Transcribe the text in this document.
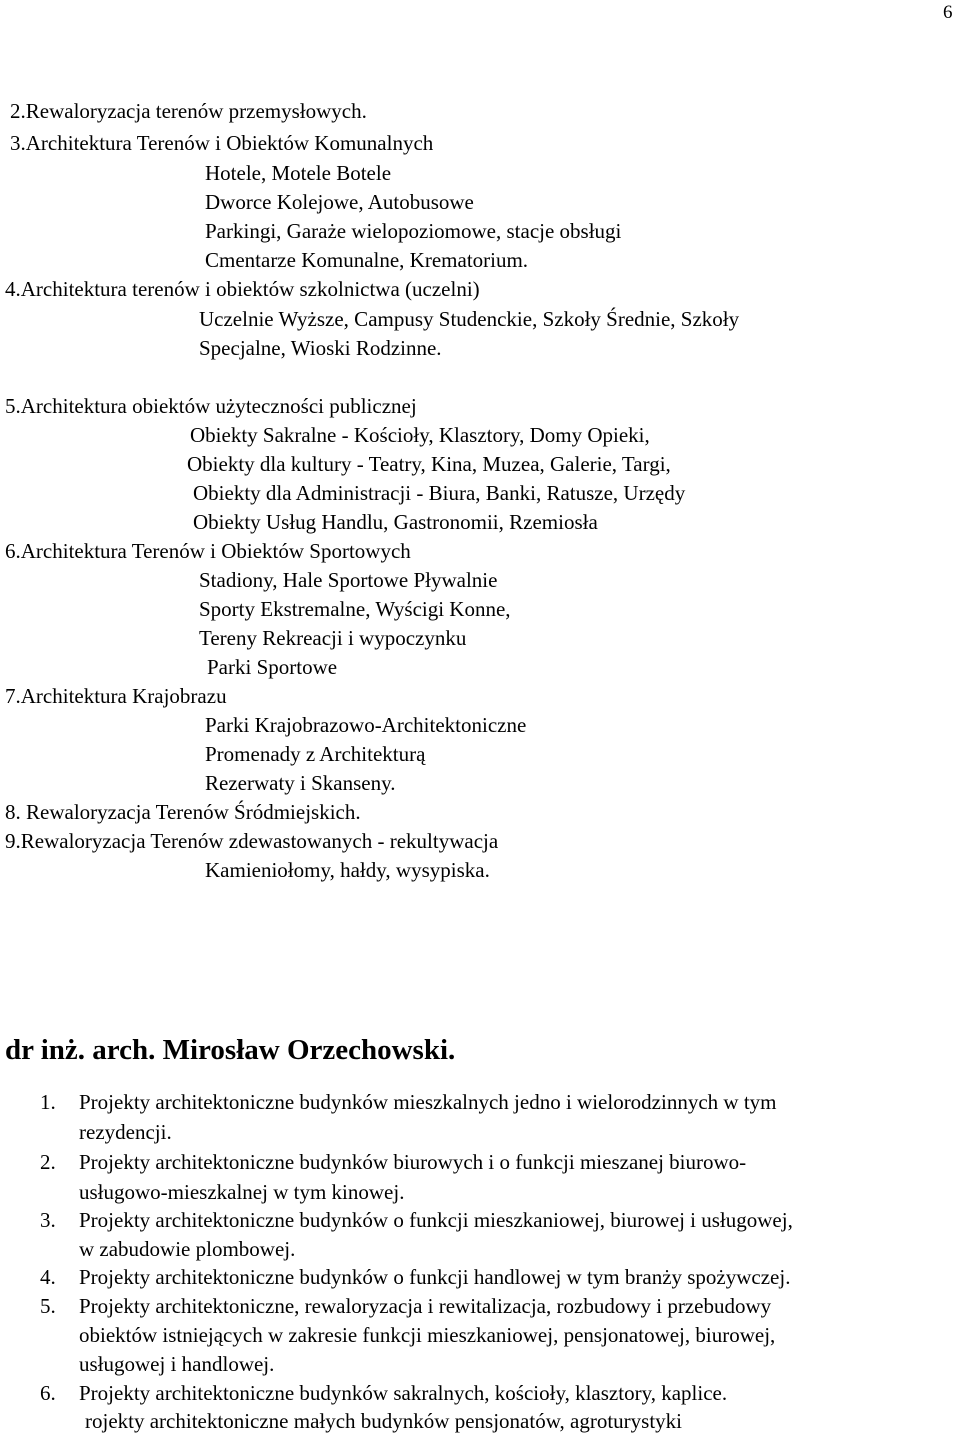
6
2.Rewaloryzacja terenów przemysłowych.
3.Architektura Terenów i Obiektów Komunalnych
Hotele, Motele Botele
Dworce Kolejowe, Autobusowe
Parkingi, Garaże wielopoziomowe, stacje obsługi
Cmentarze Komunalne, Krematorium.
4.Architektura terenów i obiektów szkolnictwa (uczelni)
Uczelnie Wyższe, Campusy Studenckie, Szkoły Średnie, Szkoły
Specjalne, Wioski Rodzinne.
5.Architektura obiektów użyteczności publicznej
Obiekty Sakralne - Kościoły, Klasztory, Domy Opieki,
Obiekty dla kultury - Teatry, Kina, Muzea, Galerie, Targi,
Obiekty dla Administracji - Biura, Banki, Ratusze, Urzędy
Obiekty Usług Handlu, Gastronomii, Rzemiosła
6.Architektura Terenów i Obiektów Sportowych
Stadiony, Hale Sportowe Pływalnie
Sporty Ekstremalne, Wyścigi Konne,
Tereny Rekreacji i wypoczynku
Parki Sportowe
7.Architektura Krajobrazu
Parki Krajobrazowo-Architektoniczne
Promenady z Architekturą
Rezerwaty i Skanseny.
8. Rewaloryzacja Terenów Śródmiejskich.
9.Rewaloryzacja Terenów zdewastowanych - rekultywacja
Kamieniołomy, hałdy, wysypiska.
dr inż. arch. Mirosław Orzechowski.
1. Projekty architektoniczne budynków mieszkalnych jedno i wielorodzinnych w tym
rezydencji.
2. Projekty architektoniczne budynków biurowych i o funkcji mieszanej biurowo-
usługowo-mieszkalnej w tym kinowej.
3. Projekty architektoniczne budynków o funkcji mieszkaniowej, biurowej i usługowej,
w zabudowie plombowej.
4. Projekty architektoniczne budynków o funkcji handlowej w tym branży spożywczej.
5. Projekty architektoniczne, rewaloryzacja i rewitalizacja, rozbudowy i przebudowy
obiektów istniejących w zakresie funkcji mieszkaniowej, pensjonatowej, biurowej,
usługowej i handlowej.
6. Projekty architektoniczne budynków sakralnych, kościoły, klasztory, kaplice.
rojekty architektoniczne małych budynków pensjonatów, agroturystyki
